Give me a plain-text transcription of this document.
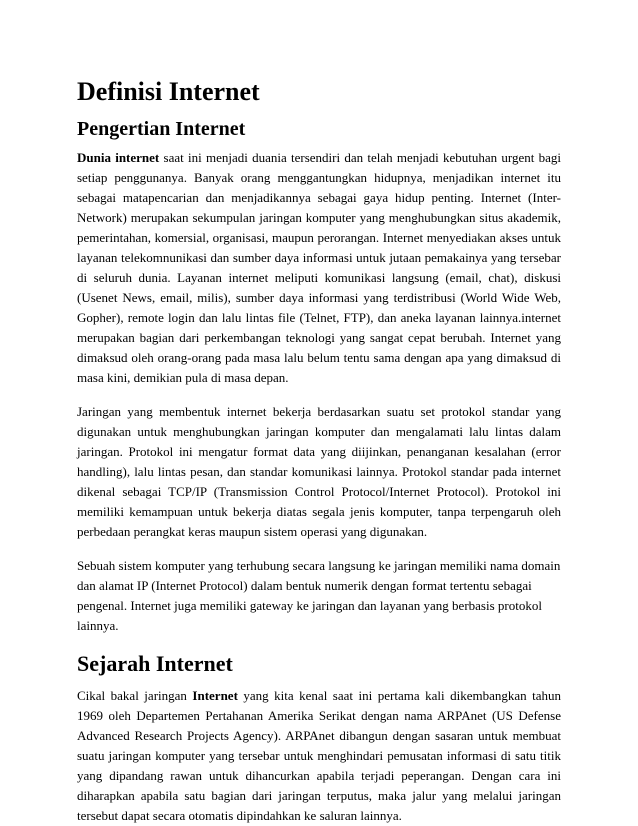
Definisi Internet
Pengertian Internet

Dunia internet saat ini menjadi duania tersendiri dan telah menjadi kebutuhan urgent bagi setiap penggunanya. Banyak orang menggantungkan hidupnya, menjadikan internet itu sebagai matapencarian dan menjadikannya sebagai gaya hidup penting. Internet (Inter-Network) merupakan sekumpulan jaringan komputer yang menghubungkan situs akademik, pemerintahan, komersial, organisasi, maupun perorangan. Internet menyediakan akses untuk layanan telekomnunikasi dan sumber daya informasi untuk jutaan pemakainya yang tersebar di seluruh dunia. Layanan internet meliputi komunikasi langsung (email, chat), diskusi (Usenet News, email, milis), sumber daya informasi yang terdistribusi (World Wide Web, Gopher), remote login dan lalu lintas file (Telnet, FTP), dan aneka layanan lainnya.internet merupakan bagian dari perkembangan teknologi yang sangat cepat berubah. Internet yang dimaksud oleh orang-orang pada masa lalu belum tentu sama dengan apa yang dimaksud di masa kini, demikian pula di masa depan.

Jaringan yang membentuk internet bekerja berdasarkan suatu set protokol standar yang digunakan untuk menghubungkan jaringan komputer dan mengalamati lalu lintas dalam jaringan. Protokol ini mengatur format data yang diijinkan, penanganan kesalahan (error handling), lalu lintas pesan, dan standar komunikasi lainnya. Protokol standar pada internet dikenal sebagai TCP/IP (Transmission Control Protocol/Internet Protocol). Protokol ini memiliki kemampuan untuk bekerja diatas segala jenis komputer, tanpa terpengaruh oleh perbedaan perangkat keras maupun sistem operasi yang digunakan.

Sebuah sistem komputer yang terhubung secara langsung ke jaringan memiliki nama domain dan alamat IP (Internet Protocol) dalam bentuk numerik dengan format tertentu sebagai pengenal. Internet juga memiliki gateway ke jaringan dan layanan yang berbasis protokol lainnya.

Sejarah Internet

Cikal bakal jaringan Internet yang kita kenal saat ini pertama kali dikembangkan tahun 1969 oleh Departemen Pertahanan Amerika Serikat dengan nama ARPAnet (US Defense Advanced Research Projects Agency). ARPAnet dibangun dengan sasaran untuk membuat suatu jaringan komputer yang tersebar untuk menghindari pemusatan informasi di satu titik yang dipandang rawan untuk dihancurkan apabila terjadi peperangan. Dengan cara ini diharapkan apabila satu bagian dari jaringan terputus, maka jalur yang melalui jaringan tersebut dapat secara otomatis dipindahkan ke saluran lainnya.
